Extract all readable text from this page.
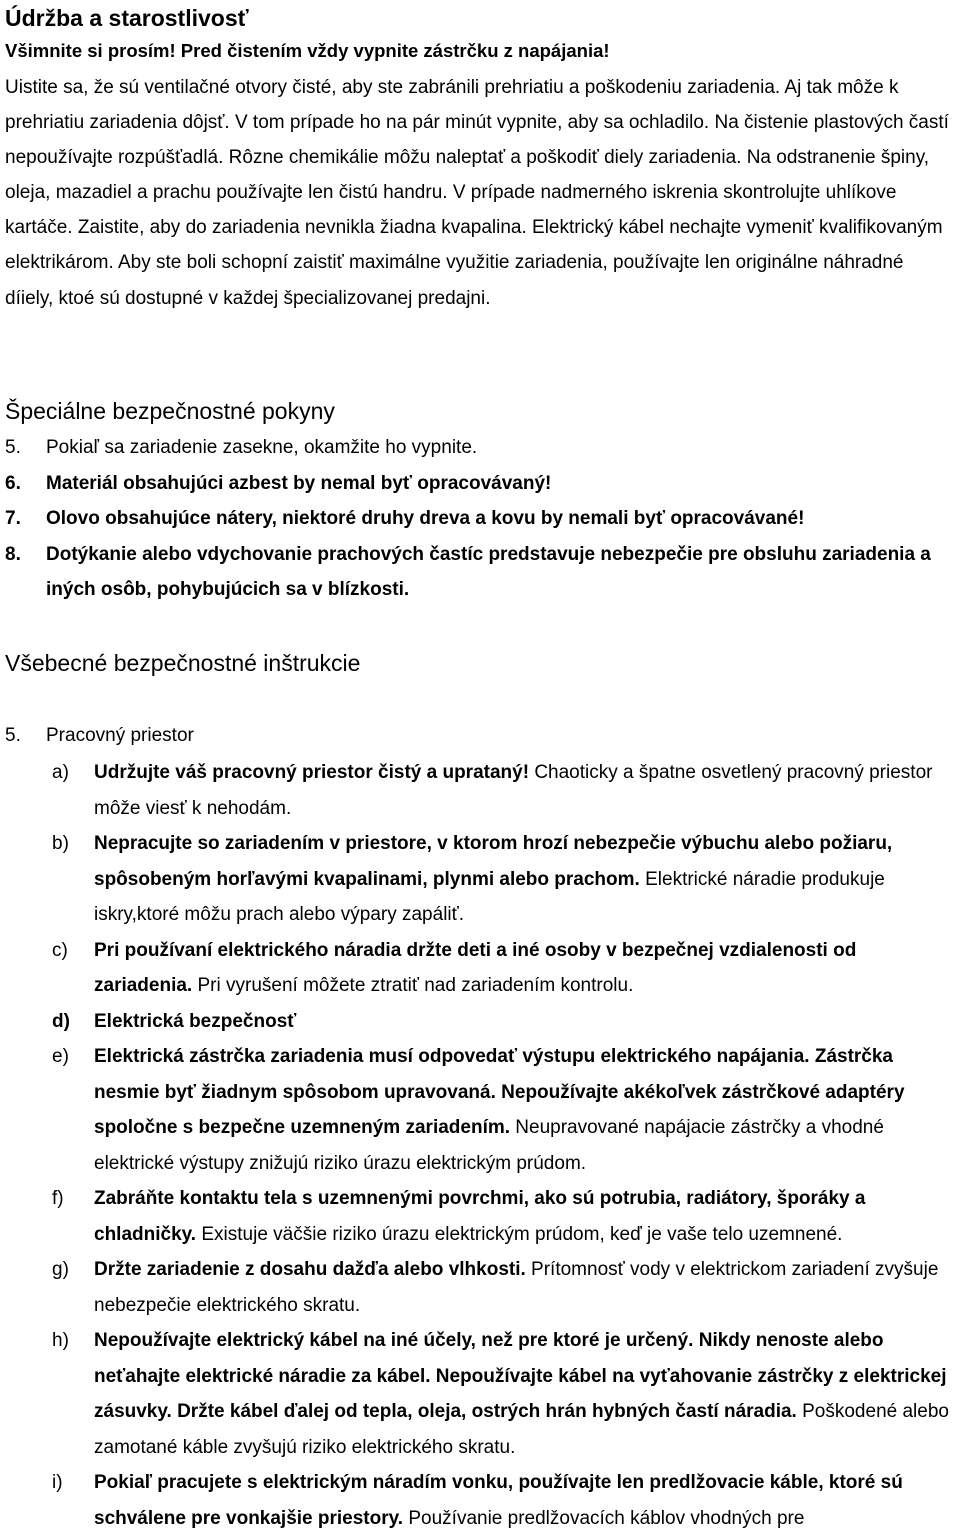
Údržba a starostlivosť
Všimnite si prosím! Pred čistením vždy vypnite zástrčku z napájania!
Uistite sa, že sú ventilačné otvory čisté, aby ste zabránili prehriatiu a poškodeniu zariadenia. Aj tak môže k prehriatiu zariadenia dôjsť. V tom prípade ho na pár minút vypnite, aby sa ochladilo. Na čistenie plastových častí nepoužívajte rozpúšťadlá. Rôzne chemikálie môžu naleptať a poškodiť diely zariadenia. Na odstranenie špiny, oleja, mazadiel a prachu používajte len čistú handru. V prípade nadmerného iskrenia skontrolujte uhlíkove kartáče. Zaistite, aby do zariadenia nevnikla žiadna kvapalina. Elektrický kábel nechajte vymeniť kvalifikovaným elektrikárom. Aby ste boli schopní zaistiť maximálne využitie zariadenia, používajte len originálne náhradné díiely, ktoé sú dostupné v každej špecializovanej predajni.
Špeciálne bezpečnostné pokyny
5.	Pokiaľ sa zariadenie zasekne, okamžite ho vypnite.
6.	Materiál obsahujúci azbest by nemal byť opracovávaný!
7.	Olovo obsahujúce nátery, niektoré druhy dreva a kovu by nemali byť opracovávané!
8.	Dotýkanie alebo vdychovanie prachových častíc predstavuje nebezpečie pre obsluhu zariadenia a iných osôb, pohybujúcich sa v blízkosti.
Všebecné bezpečnostné inštrukcie
5.	Pracovný priestor
a)	Udržujte váš pracovný priestor čistý a uprataný! Chaoticky a špatne osvetlený pracovný priestor môže viesť k nehodám.
b)	Nepracujte so zariadením v priestore, v ktorom hrozí nebezpečie výbuchu alebo požiaru, spôsobeným horľavými kvapalinami, plynmi alebo prachom. Elektrické náradie produkuje iskry,ktoré môžu prach alebo výpary zapáliť.
c)	Pri používaní elektrického náradia držte deti a iné osoby v bezpečnej vzdialenosti od zariadenia. Pri vyrušení môžete ztratiť nad zariadením kontrolu.
d)	Elektrická bezpečnosť
e)	Elektrická zástrčka zariadenia musí odpovedať výstupu elektrického napájania. Zástrčka nesmie byť žiadnym spôsobom upravovaná. Nepoužívajte akékoľvek zástrčkové adaptéry spoločne s bezpečne uzemneným zariadením. Neupravované napájacie zástrčky a vhodné elektrické výstupy znižujú riziko úrazu elektrickým prúdom.
f)	Zabráňte kontaktu tela s uzemnenými povrchmi, ako sú potrubia, radiátory, šporáky a chladničky. Existuje väčšie riziko úrazu elektrickým prúdom, keď je vaše telo uzemnené.
g)	Držte zariadenie z dosahu dažďa alebo vlhkosti. Prítomnosť vody v elektrickom zariadení zvyšuje nebezpečie elektrického skratu.
h)	Nepoužívajte elektrický kábel na iné účely, než pre ktoré je určený. Nikdy nenoste alebo neťahajte elektrické náradie za kábel. Nepoužívajte kábel na vyťahovanie zástrčky z elektrickej zásuvky. Držte kábel ďalej od tepla, oleja, ostrých hrán hybných častí náradia. Poškodené alebo zamotané káble zvyšujú riziko elektrického skratu.
i)	Pokiaľ pracujete s elektrickým náradím vonku, používajte len predlžovacie káble, ktoré sú schválene pre vonkajšie priestory. Používanie predlžovacích káblov vhodných pre
